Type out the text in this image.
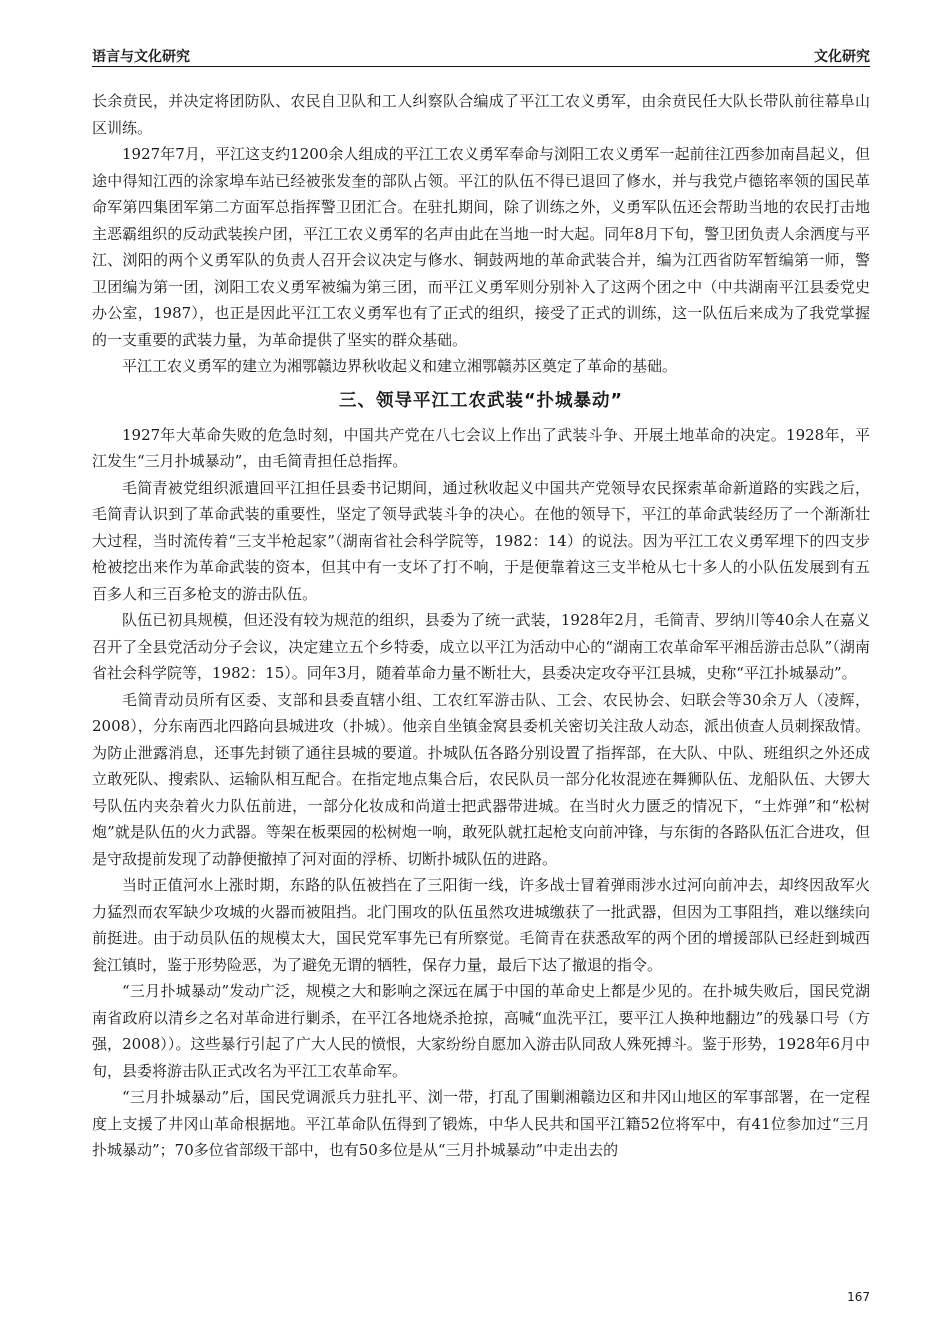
语言与文化研究	文化研究

长余贲民，并决定将团防队、农民自卫队和工人纠察队合编成了平江工农义勇军，由余贲民任大队长带队前往幕阜山区训练。

1927年7月，平江这支约1200余人组成的平江工农义勇军奉命与浏阳工农义勇军一起前往江西参加南昌起义，但途中得知江西的涂家埠车站已经被张发奎的部队占领。平江的队伍不得已退回了修水，并与我党卢德铭率领的国民革命军第四集团军第二方面军总指挥警卫团汇合。在驻扎期间，除了训练之外，义勇军队伍还会帮助当地的农民打击地主恶霸组织的反动武装挨户团，平江工农义勇军的名声由此在当地一时大起。同年8月下旬，警卫团负责人余洒度与平江、浏阳的两个义勇军队的负责人召开会议决定与修水、铜鼓两地的革命武装合并，编为江西省防军暂编第一师，警卫团编为第一团，浏阳工农义勇军被编为第三团，而平江义勇军则分别补入了这两个团之中（中共湖南平江县委党史办公室，1987），也正是因此平江工农义勇军也有了正式的组织，接受了正式的训练，这一队伍后来成为了我党掌握的一支重要的武装力量，为革命提供了坚实的群众基础。

平江工农义勇军的建立为湘鄂赣边界秋收起义和建立湘鄂赣苏区奠定了革命的基础。

三、领导平江工农武装“扑城暴动”

1927年大革命失败的危急时刻，中国共产党在八七会议上作出了武装斗争、开展土地革命的决定。1928年，平江发生“三月扑城暴动”，由毛简青担任总指挥。

毛简青被党组织派遣回平江担任县委书记期间，通过秋收起义中国共产党领导农民探索革命新道路的实践之后，毛简青认识到了革命武装的重要性，坚定了领导武装斗争的决心。在他的领导下，平江的革命武装经历了一个渐渐壮大过程，当时流传着“三支半枪起家”（湖南省社会科学院等，1982：14）的说法。因为平江工农义勇军埋下的四支步枪被挖出来作为革命武装的资本，但其中有一支坏了打不响，于是便靠着这三支半枪从七十多人的小队伍发展到有五百多人和三百多枪支的游击队伍。

队伍已初具规模，但还没有较为规范的组织，县委为了统一武装，1928年2月，毛简青、罗纳川等40余人在嘉义召开了全县党活动分子会议，决定建立五个乡特委，成立以平江为活动中心的“湖南工农革命军平湘岳游击总队”（湖南省社会科学院等，1982：15）。同年3月，随着革命力量不断壮大，县委决定攻夺平江县城，史称“平江扑城暴动”。

毛简青动员所有区委、支部和县委直辖小组、工农红军游击队、工会、农民协会、妇联会等30余万人（凌辉，2008），分东南西北四路向县城进攻（扑城）。他亲自坐镇金窝县委机关密切关注敌人动态，派出侦查人员刺探敌情。为防止泄露消息，还事先封锁了通往县城的要道。扑城队伍各路分别设置了指挥部，在大队、中队、班组织之外还成立敢死队、搜索队、运输队相互配合。在指定地点集合后，农民队员一部分化妆混迹在舞狮队伍、龙船队伍、大锣大号队伍内夹杂着火力队伍前进，一部分化妆成和尚道士把武器带进城。在当时火力匮乏的情况下，“土炸弹”和“松树炮”就是队伍的火力武器。等架在板栗园的松树炮一响，敢死队就扛起枪支向前冲锋，与东街的各路队伍汇合进攻，但是守敌提前发现了动静便撤掉了河对面的浮桥、切断扑城队伍的进路。

当时正值河水上涨时期，东路的队伍被挡在了三阳街一线，许多战士冒着弹雨涉水过河向前冲去，却终因敌军火力猛烈而农军缺少攻城的火器而被阻挡。北门围攻的队伍虽然攻进城缴获了一批武器，但因为工事阻挡，难以继续向前挺进。由于动员队伍的规模太大，国民党军事先已有所察觉。毛简青在获悉敌军的两个团的增援部队已经赶到城西瓮江镇时，鉴于形势险恶，为了避免无谓的牺牲，保存力量，最后下达了撤退的指令。

“三月扑城暴动”发动广泛，规模之大和影响之深远在属于中国的革命史上都是少见的。在扑城失败后，国民党湖南省政府以清乡之名对革命进行剿杀，在平江各地烧杀抢掠，高喊“血洗平江，要平江人换种地翻边”的残暴口号（方强，2008））。这些暴行引起了广大人民的愤恨，大家纷纷自愿加入游击队同敌人殊死搏斗。鉴于形势，1928年6月中旬，县委将游击队正式改名为平江工农革命军。

“三月扑城暴动”后，国民党调派兵力驻扎平、浏一带，打乱了围剿湘赣边区和井冈山地区的军事部署，在一定程度上支援了井冈山革命根据地。平江革命队伍得到了锻炼，中华人民共和国平江籍52位将军中，有41位参加过“三月扑城暴动”；70多位省部级干部中，也有50多位是从“三月扑城暴动”中走出去的

167
